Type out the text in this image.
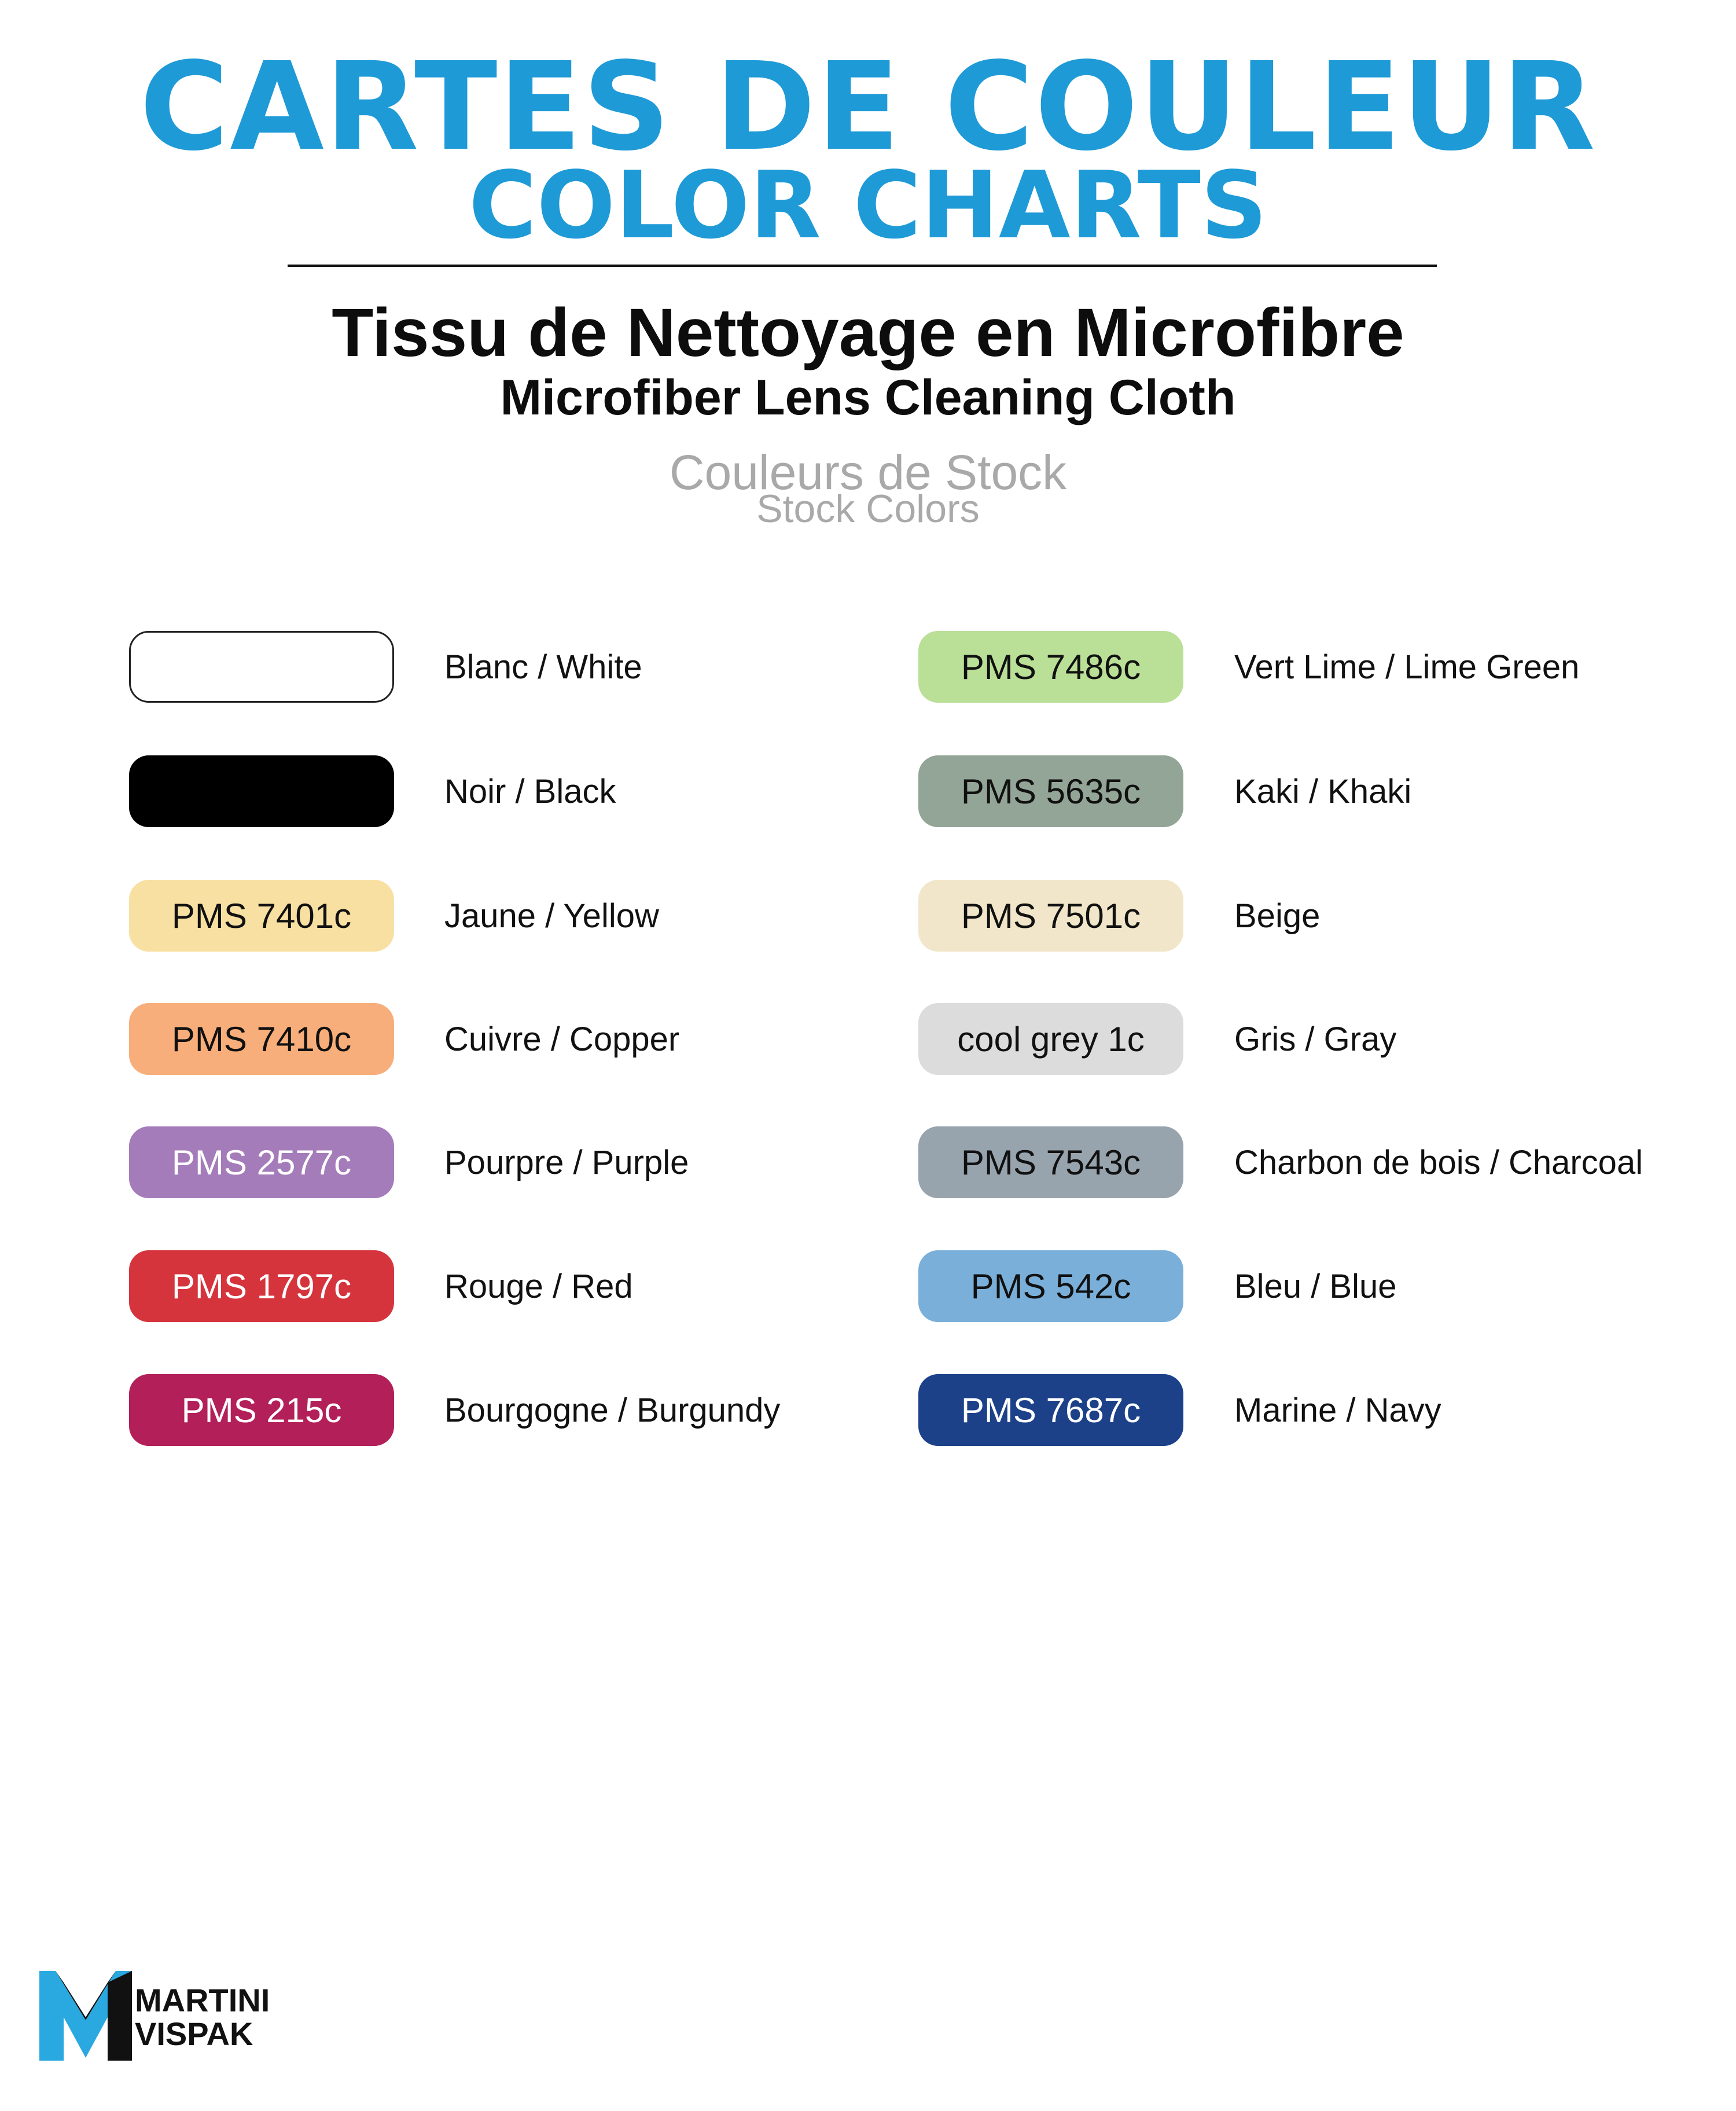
CARTES DE COULEUR
COLOR CHARTS
Tissu de Nettoyage en Microfibre
Microfiber Lens Cleaning Cloth
Couleurs de Stock
Stock Colors
Blanc / White
Noir / Black
PMS 7401c	Jaune / Yellow
PMS 7410c	Cuivre / Copper
PMS 2577c	Pourpre / Purple
PMS 1797c	Rouge / Red
PMS 215c	Bourgogne / Burgundy
PMS 7486c	Vert Lime / Lime Green
PMS 5635c	Kaki / Khaki
PMS 7501c	Beige
cool grey 1c	Gris / Gray
PMS 7543c	Charbon de bois / Charcoal
PMS 542c	Bleu / Blue
PMS 7687c	Marine / Navy
MARTINI
VISPAK
